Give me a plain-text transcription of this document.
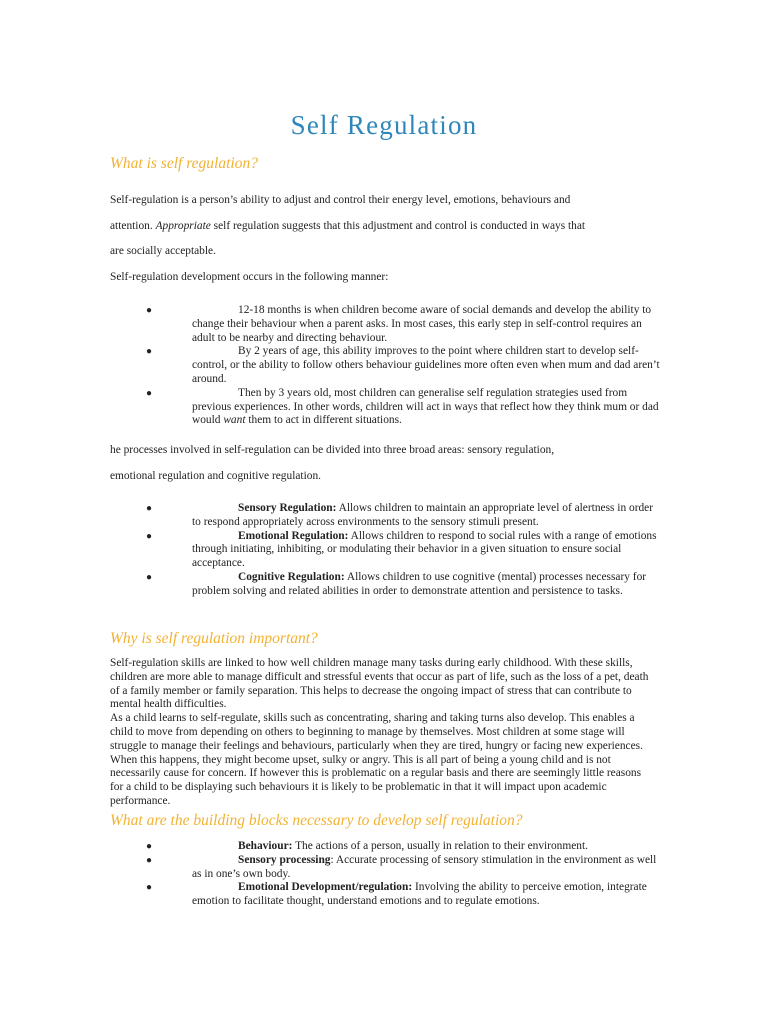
Self Regulation
What is self regulation?
Self-regulation is a person’s ability to adjust and control their energy level, emotions, behaviours and
attention. Appropriate self regulation suggests that this adjustment and control is conducted in ways that
are socially acceptable.
Self-regulation development occurs in the following manner:
●	12-18 months is when children become aware of social demands and develop the ability to change their behaviour when a parent asks. In most cases, this early step in self-control requires an adult to be nearby and directing behaviour.
●	By 2 years of age, this ability improves to the point where children start to develop self-control, or the ability to follow others behaviour guidelines more often even when mum and dad aren’t around.
●	Then by 3 years old, most children can generalise self regulation strategies used from previous experiences. In other words, children will act in ways that reflect how they think mum or dad would want them to act in different situations.
he processes involved in self-regulation can be divided into three broad areas: sensory regulation,
emotional regulation and cognitive regulation.
●	Sensory Regulation: Allows children to maintain an appropriate level of alertness in order to respond appropriately across environments to the sensory stimuli present.
●	Emotional Regulation: Allows children to respond to social rules with a range of emotions through initiating, inhibiting, or modulating their behavior in a given situation to ensure social acceptance.
●	Cognitive Regulation: Allows children to use cognitive (mental) processes necessary for problem solving and related abilities in order to demonstrate attention and persistence to tasks.
Why is self regulation important?
Self-regulation skills are linked to how well children manage many tasks during early childhood. With these skills, children are more able to manage difficult and stressful events that occur as part of life, such as the loss of a pet, death of a family member or family separation. This helps to decrease the ongoing impact of stress that can contribute to mental health difficulties.
As a child learns to self-regulate, skills such as concentrating, sharing and taking turns also develop. This enables a child to move from depending on others to beginning to manage by themselves. Most children at some stage will struggle to manage their feelings and behaviours, particularly when they are tired, hungry or facing new experiences. When this happens, they might become upset, sulky or angry. This is all part of being a young child and is not necessarily cause for concern. If however this is problematic on a regular basis and there are seemingly little reasons for a child to be displaying such behaviours it is likely to be problematic in that it will impact upon academic performance.
What are the building blocks necessary to develop self regulation?
●	Behaviour: The actions of a person, usually in relation to their environment.
●	Sensory processing: Accurate processing of sensory stimulation in the environment as well as in one’s own body.
●	Emotional Development/regulation: Involving the ability to perceive emotion, integrate emotion to facilitate thought, understand emotions and to regulate emotions.
